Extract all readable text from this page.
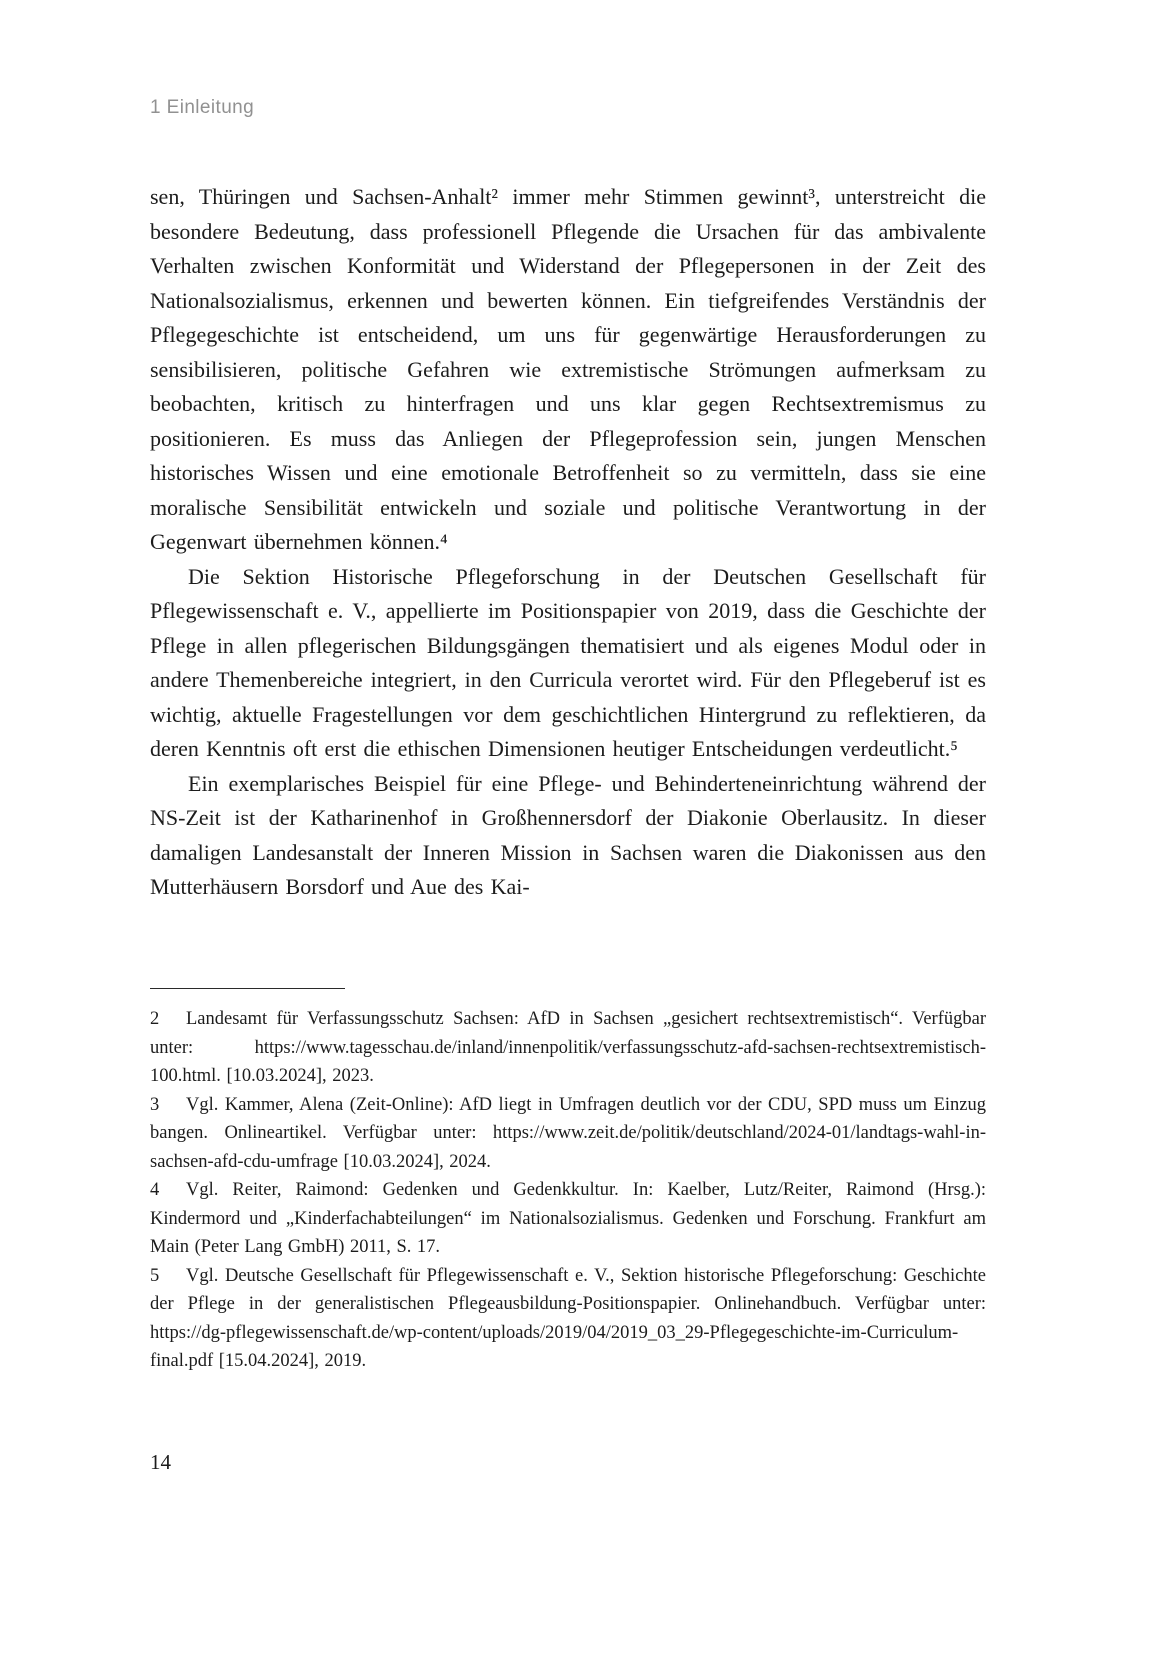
1 Einleitung

sen, Thüringen und Sachsen-Anhalt² immer mehr Stimmen gewinnt³, unterstreicht die besondere Bedeutung, dass professionell Pflegende die Ursachen für das ambivalente Verhalten zwischen Konformität und Widerstand der Pflegepersonen in der Zeit des Nationalsozialismus, erkennen und bewerten können. Ein tiefgreifendes Verständnis der Pflegegeschichte ist entscheidend, um uns für gegenwärtige Herausforderungen zu sensibilisieren, politische Gefahren wie extremistische Strömungen aufmerksam zu beobachten, kritisch zu hinterfragen und uns klar gegen Rechtsextremismus zu positionieren. Es muss das Anliegen der Pflegeprofession sein, jungen Menschen historisches Wissen und eine emotionale Betroffenheit so zu vermitteln, dass sie eine moralische Sensibilität entwickeln und soziale und politische Verantwortung in der Gegenwart übernehmen können.⁴

Die Sektion Historische Pflegeforschung in der Deutschen Gesellschaft für Pflegewissenschaft e. V., appellierte im Positionspapier von 2019, dass die Geschichte der Pflege in allen pflegerischen Bildungsgängen thematisiert und als eigenes Modul oder in andere Themenbereiche integriert, in den Curricula verortet wird. Für den Pflegeberuf ist es wichtig, aktuelle Fragestellungen vor dem geschichtlichen Hintergrund zu reflektieren, da deren Kenntnis oft erst die ethischen Dimensionen heutiger Entscheidungen verdeutlicht.⁵

Ein exemplarisches Beispiel für eine Pflege- und Behinderteneinrichtung während der NS-Zeit ist der Katharinenhof in Großhennersdorf der Diakonie Oberlausitz. In dieser damaligen Landesanstalt der Inneren Mission in Sachsen waren die Diakonissen aus den Mutterhäusern Borsdorf und Aue des Kai-

2 Landesamt für Verfassungsschutz Sachsen: AfD in Sachsen „gesichert rechtsextremistisch“. Verfügbar unter: https://www.tagesschau.de/inland/innenpolitik/verfassungsschutz-afd-sachsen-rechtsextremistisch-100.html. [10.03.2024], 2023.

3 Vgl. Kammer, Alena (Zeit-Online): AfD liegt in Umfragen deutlich vor der CDU, SPD muss um Einzug bangen. Onlineartikel. Verfügbar unter: https://www.zeit.de/politik/deutschland/2024-01/landtags-wahl-in-sachsen-afd-cdu-umfrage [10.03.2024], 2024.

4 Vgl. Reiter, Raimond: Gedenken und Gedenkkultur. In: Kaelber, Lutz/Reiter, Raimond (Hrsg.): Kindermord und „Kinderfachabteilungen“ im Nationalsozialismus. Gedenken und Forschung. Frankfurt am Main (Peter Lang GmbH) 2011, S. 17.

5 Vgl. Deutsche Gesellschaft für Pflegewissenschaft e. V., Sektion historische Pflegeforschung: Geschichte der Pflege in der generalistischen Pflegeausbildung-Positionspapier. Onlinehandbuch. Verfügbar unter: https://dg-pflegewissenschaft.de/wp-content/uploads/2019/04/2019_03_29-Pflegegeschichte-im-Curriculum-final.pdf [15.04.2024], 2019.

14
